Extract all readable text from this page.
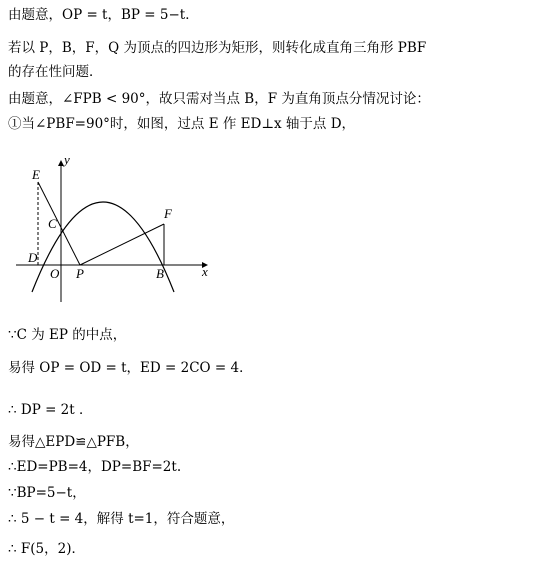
由题意，OP = t，BP = 5−t．
若以 P，B，F，Q 为顶点的四边形为矩形，则转化成直角三角形 PBF
的存在性问题．
由题意，∠FPB < 90°，故只需对当点 B，F 为直角顶点分情况讨论：
①当∠PBF=90°时，如图，过点 E 作 ED⊥x 轴于点 D，
y
x
E
C
F
D
O P	B
∵C 为 EP 的中点，
易得 OP = OD = t，ED = 2CO = 4．
∴ DP = 2t ．
易得△EPD≌△PFB，
∴ED=PB=4，DP=BF=2t.
∵BP=5−t，
∴ 5 − t = 4，解得 t=1，符合题意，
∴ F(5，2)．
